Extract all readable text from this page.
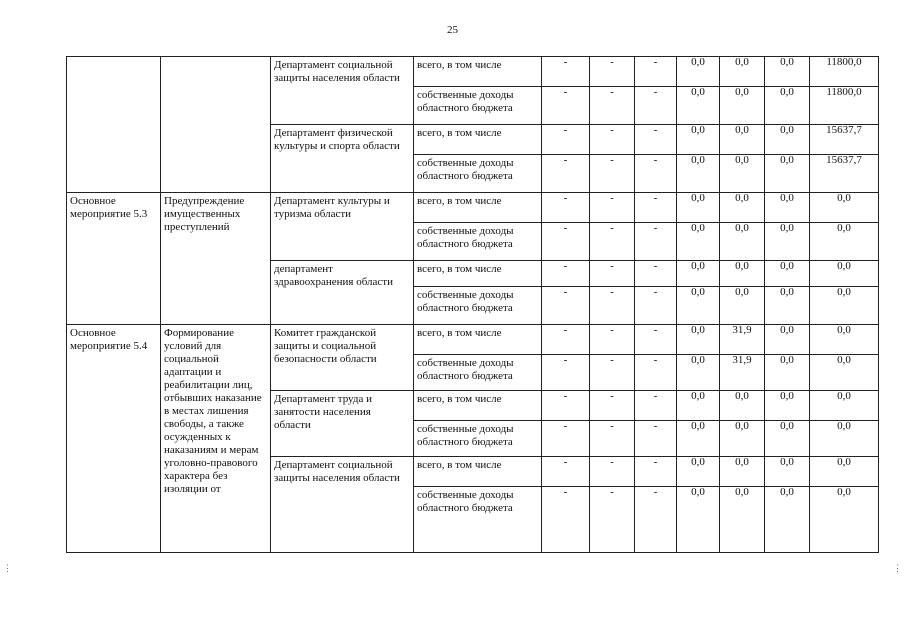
25
⋮	⋮
		Департамент социальной защиты населения области	всего, в том числе	-	-	-	0,0	0,0	0,0	11800,0
			собственные доходы областного бюджета	-	-	-	0,0	0,0	0,0	11800,0
		Департамент физической культуры и спорта области	всего, в том числе	-	-	-	0,0	0,0	0,0	15637,7
			собственные доходы областного бюджета	-	-	-	0,0	0,0	0,0	15637,7
Основное мероприятие 5.3	Предупреждение имущественных преступлений	Департамент культуры и туризма области	всего, в том числе	-	-	-	0,0	0,0	0,0	0,0
			собственные доходы областного бюджета	-	-	-	0,0	0,0	0,0	0,0
		департамент здравоохранения области	всего, в том числе	-	-	-	0,0	0,0	0,0	0,0
			собственные доходы областного бюджета	-	-	-	0,0	0,0	0,0	0,0
Основное мероприятие 5.4	Формирование условий для социальной адаптации и реабилитации лиц, отбывших наказание в местах лишения свободы, а также осужденных к наказаниям и мерам уголовно-правового характера без изоляции от	Комитет гражданской защиты и социальной безопасности области	всего, в том числе	-	-	-	0,0	31,9	0,0	0,0
			собственные доходы областного бюджета	-	-	-	0,0	31,9	0,0	0,0
		Департамент труда и занятости населения области	всего, в том числе	-	-	-	0,0	0,0	0,0	0,0
			собственные доходы областного бюджета	-	-	-	0,0	0,0	0,0	0,0
		Департамент социальной защиты населения области	всего, в том числе	-	-	-	0,0	0,0	0,0	0,0
			собственные доходы областного бюджета	-	-	-	0,0	0,0	0,0	0,0
